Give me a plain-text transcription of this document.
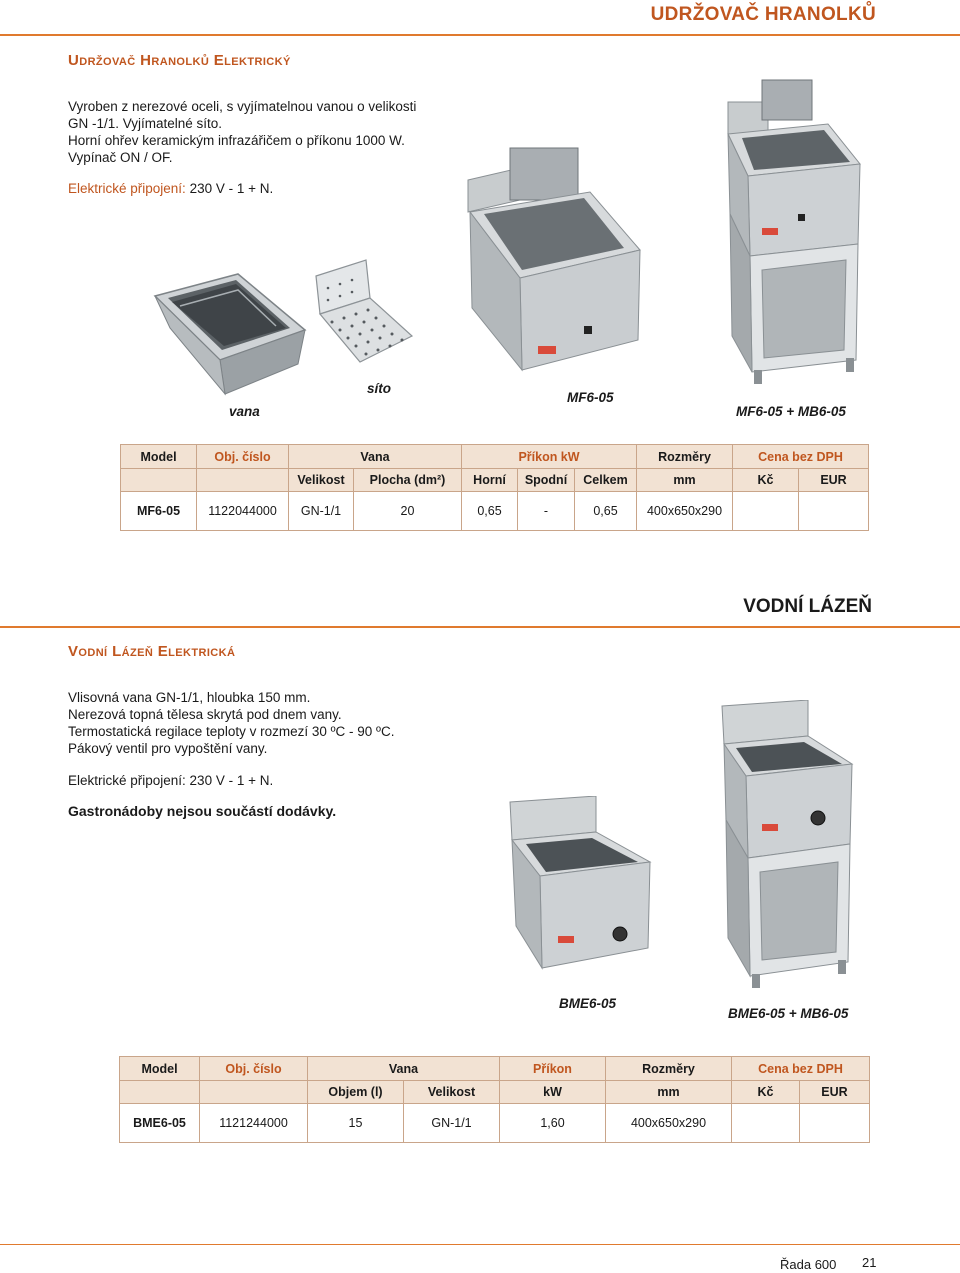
UDRŽOVAČ HRANOLKŮ
Udržovač Hranolků Elektrický
Vyroben z nerezové oceli, s vyjímatelnou vanou o velikosti
GN -1/1. Vyjímatelné síto.
Horní ohřev keramickým infrazářičem o příkonu 1000 W.
Vypínač ON / OF.
Elektrické připojení: 230 V - 1 + N.
vana
síto
MF6-05
MF6-05 + MB6-05
Model	Obj. číslo	Vana		Příkon kW			Rozměry	Cena bez DPH	
		Velikost	Plocha (dm²)	Horní	Spodní	Celkem	mm	Kč	EUR
MF6-05	1122044000	GN-1/1	20	0,65	-	0,65	400x650x290		
VODNÍ LÁZEŇ
Vodní Lázeň Elektrická
Vlisovná vana GN-1/1, hloubka 150 mm.
Nerezová topná tělesa skrytá pod dnem vany.
Termostatická regilace teploty v rozmezí 30 ºC - 90 ºC.
Pákový ventil pro vypoštění vany.
Elektrické připojení: 230 V - 1 + N.
Gastronádoby nejsou součástí dodávky.
BME6-05
BME6-05 + MB6-05
Model	Obj. číslo	Vana		Příkon	Rozměry	Cena bez DPH	
		Objem (l)	Velikost	kW	mm	Kč	EUR
BME6-05	1121244000	15	GN-1/1	1,60	400x650x290		
Řada 600 21
